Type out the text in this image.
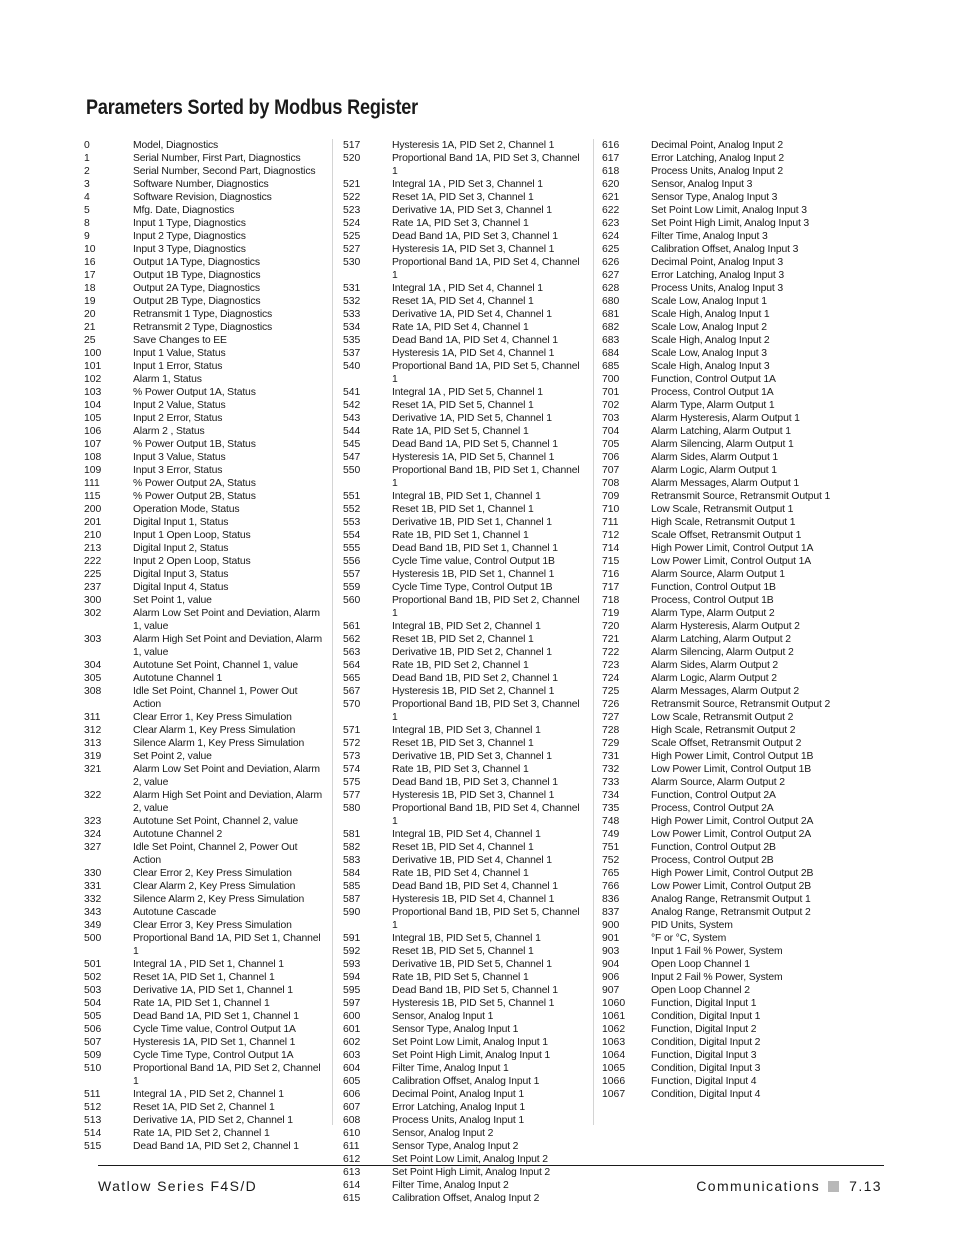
Parameters Sorted by Modbus Register
0	Model, Diagnostics
1	Serial Number, First Part, Diagnostics
2	Serial Number, Second Part, Diagnostics
3	Software Number, Diagnostics
4	Software Revision, Diagnostics
5	Mfg. Date, Diagnostics
8	Input 1 Type, Diagnostics
9	Input 2 Type, Diagnostics
10	Input 3 Type, Diagnostics
16	Output 1A Type, Diagnostics
17	Output 1B Type, Diagnostics
18	Output 2A Type, Diagnostics
19	Output 2B Type, Diagnostics
20	Retransmit 1 Type, Diagnostics
21	Retransmit 2 Type, Diagnostics
25	Save Changes to EE
100	Input 1 Value, Status
101	Input 1 Error, Status
102	Alarm 1, Status
103	% Power Output 1A, Status
104	Input 2 Value, Status
105	Input 2 Error, Status
106	Alarm 2 , Status
107	% Power Output 1B, Status
108	Input 3 Value, Status
109	Input 3 Error, Status
111	% Power Output 2A, Status
115	% Power Output 2B, Status
200	Operation Mode, Status
201	Digital Input 1, Status
210	Input 1 Open Loop, Status
213	Digital Input 2, Status
222	Input 2 Open Loop, Status
225	Digital Input 3, Status
237	Digital Input 4, Status
300	Set Point 1, value
302	Alarm Low Set Point and Deviation, Alarm 1, value
303	Alarm High Set Point and Deviation, Alarm 1, value
304	Autotune Set Point, Channel 1, value
305	Autotune Channel 1
308	Idle Set Point, Channel 1, Power Out Action
311	Clear Error 1, Key Press Simulation
312	Clear Alarm 1, Key Press Simulation
313	Silence Alarm 1, Key Press Simulation
319	Set Point 2, value
321	Alarm Low Set Point and Deviation, Alarm 2, value
322	Alarm High Set Point and Deviation, Alarm 2, value
323	Autotune Set Point, Channel 2, value
324	Autotune Channel 2
327	Idle Set Point, Channel 2, Power Out Action
330	Clear Error 2, Key Press Simulation
331	Clear Alarm 2, Key Press Simulation
332	Silence Alarm 2, Key Press Simulation
343	Autotune Cascade
349	Clear Error 3, Key Press Simulation
500	Proportional Band 1A, PID Set 1, Channel 1
501	Integral 1A , PID Set 1, Channel 1
502	Reset 1A, PID Set 1, Channel 1
503	Derivative 1A, PID Set 1, Channel 1
504	Rate 1A, PID Set 1, Channel 1
505	Dead Band 1A, PID Set 1, Channel 1
506	Cycle Time value, Control Output 1A
507	Hysteresis 1A, PID Set 1, Channel 1
509	Cycle Time Type, Control Output 1A
510	Proportional Band 1A, PID Set 2, Channel 1
511	Integral 1A , PID Set 2, Channel 1
512	Reset 1A, PID Set 2, Channel 1
513	Derivative 1A, PID Set 2, Channel 1
514	Rate 1A, PID Set 2, Channel 1
515	Dead Band 1A, PID Set 2, Channel 1
517	Hysteresis 1A, PID Set 2, Channel 1
520	Proportional Band 1A, PID Set 3, Channel 1
521	Integral 1A , PID Set 3, Channel 1
522	Reset 1A, PID Set 3, Channel 1
523	Derivative 1A, PID Set 3, Channel 1
524	Rate 1A, PID Set 3, Channel 1
525	Dead Band 1A, PID Set 3, Channel 1
527	Hysteresis 1A, PID Set 3, Channel 1
530	Proportional Band 1A, PID Set 4, Channel 1
531	Integral 1A , PID Set 4, Channel 1
532	Reset 1A, PID Set 4, Channel 1
533	Derivative 1A, PID Set 4, Channel 1
534	Rate 1A, PID Set 4, Channel 1
535	Dead Band 1A, PID Set 4, Channel 1
537	Hysteresis 1A, PID Set 4, Channel 1
540	Proportional Band 1A, PID Set 5, Channel 1
541	Integral 1A , PID Set 5, Channel 1
542	Reset 1A, PID Set 5, Channel 1
543	Derivative 1A, PID Set 5, Channel 1
544	Rate 1A, PID Set 5, Channel 1
545	Dead Band 1A, PID Set 5, Channel 1
547	Hysteresis 1A, PID Set 5, Channel 1
550	Proportional Band 1B, PID Set 1, Channel 1
551	Integral 1B, PID Set 1, Channel 1
552	Reset 1B, PID Set 1, Channel 1
553	Derivative 1B, PID Set 1, Channel 1
554	Rate 1B, PID Set 1, Channel 1
555	Dead Band 1B, PID Set 1, Channel 1
556	Cycle Time value, Control Output 1B
557	Hysteresis 1B, PID Set 1, Channel 1
559	Cycle Time Type, Control Output 1B
560	Proportional Band 1B, PID Set 2, Channel 1
561	Integral 1B, PID Set 2, Channel 1
562	Reset 1B, PID Set 2, Channel 1
563	Derivative 1B, PID Set 2, Channel 1
564	Rate 1B, PID Set 2, Channel 1
565	Dead Band 1B, PID Set 2, Channel 1
567	Hysteresis 1B, PID Set 2, Channel 1
570	Proportional Band 1B, PID Set 3, Channel 1
571	Integral 1B, PID Set 3, Channel 1
572	Reset 1B, PID Set 3, Channel 1
573	Derivative 1B, PID Set 3, Channel 1
574	Rate 1B, PID Set 3, Channel 1
575	Dead Band 1B, PID Set 3, Channel 1
577	Hysteresis 1B, PID Set 3, Channel 1
580	Proportional Band 1B, PID Set 4, Channel 1
581	Integral 1B, PID Set 4, Channel 1
582	Reset 1B, PID Set 4, Channel 1
583	Derivative 1B, PID Set 4, Channel 1
584	Rate 1B, PID Set 4, Channel 1
585	Dead Band 1B, PID Set 4, Channel 1
587	Hysteresis 1B, PID Set 4, Channel 1
590	Proportional Band 1B, PID Set 5, Channel 1
591	Integral 1B, PID Set 5, Channel 1
592	Reset 1B, PID Set 5, Channel 1
593	Derivative 1B, PID Set 5, Channel 1
594	Rate 1B, PID Set 5, Channel 1
595	Dead Band 1B, PID Set 5, Channel 1
597	Hysteresis 1B, PID Set 5, Channel 1
600	Sensor, Analog Input 1
601	Sensor Type, Analog Input 1
602	Set Point Low Limit, Analog Input 1
603	Set Point High Limit, Analog Input 1
604	Filter Time, Analog Input 1
605	Calibration Offset, Analog Input 1
606	Decimal Point, Analog Input 1
607	Error Latching, Analog Input 1
608	Process Units, Analog Input 1
610	Sensor, Analog Input 2
611	Sensor Type, Analog Input 2
612	Set Point Low Limit, Analog Input 2
613	Set Point High Limit, Analog Input 2
614	Filter Time, Analog Input 2
615	Calibration Offset, Analog Input 2
616	Decimal Point, Analog Input 2
617	Error Latching, Analog Input 2
618	Process Units, Analog Input 2
620	Sensor, Analog Input 3
621	Sensor Type, Analog Input 3
622	Set Point Low Limit, Analog Input 3
623	Set Point High Limit, Analog Input 3
624	Filter Time, Analog Input 3
625	Calibration Offset, Analog Input 3
626	Decimal Point, Analog Input 3
627	Error Latching, Analog Input 3
628	Process Units, Analog Input 3
680	Scale Low, Analog Input 1
681	Scale High, Analog Input 1
682	Scale Low, Analog Input 2
683	Scale High, Analog Input 2
684	Scale Low, Analog Input 3
685	Scale High, Analog Input 3
700	Function, Control Output 1A
701	Process, Control Output 1A
702	Alarm Type, Alarm Output 1
703	Alarm Hysteresis, Alarm Output 1
704	Alarm Latching, Alarm Output 1
705	Alarm Silencing, Alarm Output 1
706	Alarm Sides, Alarm Output 1
707	Alarm Logic, Alarm Output 1
708	Alarm Messages, Alarm Output 1
709	Retransmit Source, Retransmit Output 1
710	Low Scale, Retransmit Output 1
711	High Scale, Retransmit Output 1
712	Scale Offset, Retransmit Output 1
714	High Power Limit, Control Output 1A
715	Low Power Limit, Control Output 1A
716	Alarm Source, Alarm Output 1
717	Function, Control Output 1B
718	Process, Control Output 1B
719	Alarm Type, Alarm Output 2
720	Alarm Hysteresis, Alarm Output 2
721	Alarm Latching, Alarm Output 2
722	Alarm Silencing, Alarm Output 2
723	Alarm Sides, Alarm Output 2
724	Alarm Logic, Alarm Output 2
725	Alarm Messages, Alarm Output 2
726	Retransmit Source, Retransmit Output 2
727	Low Scale, Retransmit Output 2
728	High Scale, Retransmit Output 2
729	Scale Offset, Retransmit Output 2
731	High Power Limit, Control Output 1B
732	Low Power Limit, Control Output 1B
733	Alarm Source, Alarm Output 2
734	Function, Control Output 2A
735	Process, Control Output 2A
748	High Power Limit, Control Output 2A
749	Low Power Limit, Control Output 2A
751	Function, Control Output 2B
752	Process, Control Output 2B
765	High Power Limit, Control Output 2B
766	Low Power Limit, Control Output 2B
836	Analog Range, Retransmit Output 1
837	Analog Range, Retransmit Output 2
900	PID Units, System
901	°F or °C, System
903	Input 1 Fail % Power, System
904	Open Loop Channel 1
906	Input 2 Fail % Power, System
907	Open Loop Channel 2
1060	Function, Digital Input 1
1061	Condition, Digital Input 1
1062	Function, Digital Input 2
1063	Condition, Digital Input 2
1064	Function, Digital Input 3
1065	Condition, Digital Input 3
1066	Function, Digital Input 4
1067	Condition, Digital Input 4
Watlow Series F4S/D	Communications 7.13
